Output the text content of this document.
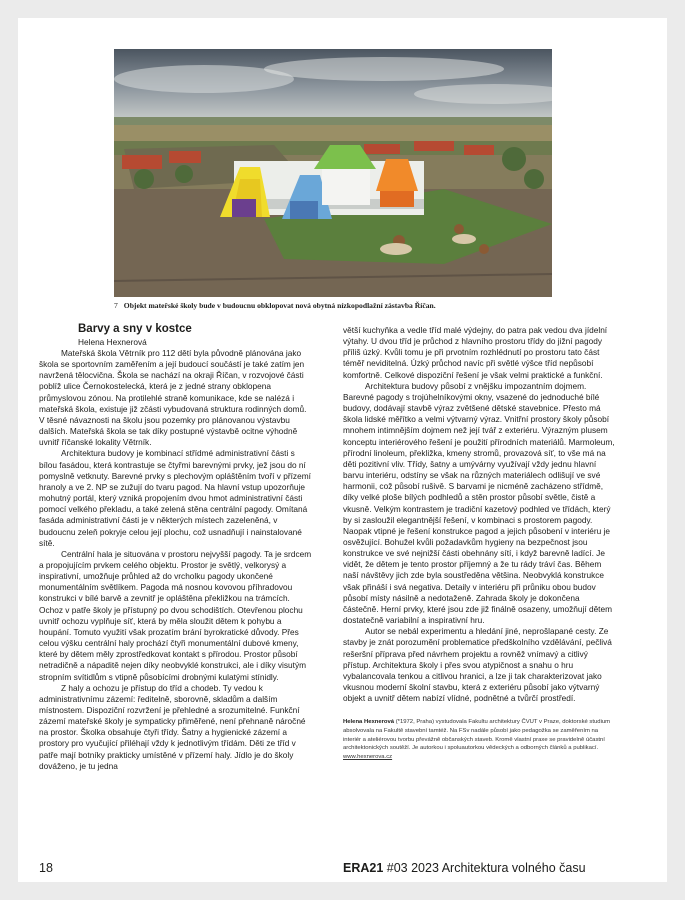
7 Objekt mateřské školy bude v budoucnu obklopovat nová obytná nízkopodlažní zástavba Říčan.
Barvy a sny v kostce
Helena Hexnerová

Mateřská škola Větrník pro 112 dětí byla původně plánována jako škola se sportovním zaměřením a její budoucí součástí je také zatím jen navržená tělocvična. Škola se nachází na okraji Říčan, v rozvojové části poblíž ulice Černokostelecká, která je z jedné strany obklopena průmyslovou zónou. Na protilehlé straně komunikace, kde se nalézá i mateřská škola, existuje již zčásti vybudovaná struktura rodinných domů. V těsné návaznosti na školu jsou pozemky pro plánovanou výstavbu dalších. Mateřská škola se tak díky postupné výstavbě ocitne výhodně uvnitř říčanské lokality Větrník.

Architektura budovy je kombinací střídmé administrativní části s bílou fasádou, která kontrastuje se čtyřmi barevnými prvky, jež jsou do ní pomyslně vetknuty. Barevné prvky s plechovým opláštěním tvoří v přízemí hranoly a ve 2. NP se zužují do tvaru pagod. Na hlavní vstup upozorňuje mohutný portál, který vzniká propojením dvou hmot administrativní části pomocí velkého překladu, a také zelená stěna centrální pagody. Omítaná fasáda administrativní části je v některých místech zazeleněná, v budoucnu zeleň pokryje celou její plochu, což usnadňují i nainstalované sítě.

Centrální hala je situována v prostoru nejvyšší pagody. Ta je srdcem a propojujícím prvkem celého objektu. Prostor je světlý, velkorysý a inspirativní, umožňuje průhled až do vrcholku pagody ukončené monumentálním světlíkem. Pagoda má nosnou kovovou příhradovou konstrukci v bílé barvě a zevnitř je opláštěna překližkou na trámcích. Ochoz v patře školy je přístupný po dvou schodištích. Otevřenou plochu uvnitř ochozu vyplňuje síť, která by měla sloužit dětem k pohybu a houpání. Tomuto využití však prozatím brání byrokratické důvody. Přes celou výšku centrální haly prochází čtyři monumentální dubové kmeny, které by dětem měly zprostředkovat kontakt s přírodou. Prostor působí netradičně a nápaditě nejen díky neobvyklé konstrukci, ale i díky visutým stropním svítidlům s vtipně působícími drobnými kulatými stínidly.

Z haly a ochozu je přístup do tříd a chodeb. Ty vedou k administrativnímu zázemí: ředitelně, sborovně, skladům a dalším místnostem. Dispoziční rozvržení je přehledné a srozumitelné. Funkční zázemí mateřské školy je sympaticky přiměřené, není přehnaně náročné na prostor. Školka obsahuje čtyři třídy. Šatny a hygienické zázemí a prostory pro vyučující přiléhají vždy k jednotlivým třídám. Děti ze tříd v patře mají botníky prakticky umístěné v přízemí haly. Jídlo je do školy dováženo, je tu jedna

větší kuchyňka a vedle tříd malé výdejny, do patra pak vedou dva jídelní výtahy. U dvou tříd je průchod z hlavního prostoru třídy do jižní pagody příliš úzký. Kvůli tomu je při prvotním rozhlédnutí po prostoru tato část téměř neviditelná. Úzký průchod navíc při světlé výšce tříd nepůsobí komfortně. Celkové dispoziční řešení je však velmi praktické a funkční.

Architektura budovy působí z vnějšku impozantním dojmem. Barevné pagody s trojúhelníkovými okny, vsazené do jednoduché bílé budovy, dodávají stavbě výraz zvětšené dětské stavebnice. Přesto má škola lidské měřítko a velmi výtvarný výraz. Vnitřní prostory školy působí mnohem intimnějším dojmem než její tvář z exteriéru. Výrazným plusem konceptu interiérového řešení je použití přírodních materiálů. Marmoleum, přírodní linoleum, překližka, kmeny stromů, provazová síť, to vše má na děti pozitivní vliv. Třídy, šatny a umývárny využívají vždy jednu hlavní barvu interiéru, odstíny se však na různých materiálech odlišují ve své harmonii, což působí rušivě. S barvami je nicméně zacházeno střídmě, díky velké ploše bílých podhledů a stěn prostor působí světle, čistě a vkusně. Velkým kontrastem je tradiční kazetový podhled ve třídách, který by si zasloužil elegantnější řešení, v kombinaci s prostorem pagody. Naopak vtipné je řešení konstrukce pagod a jejich působení v interiéru je osvěžující. Bohužel kvůli požadavkům hygieny na bezpečnost jsou konstrukce ve své nejnižší části obehnány sítí, i když barevně ladící. Je vidět, že dětem je tento prostor příjemný a že tu rády tráví čas. Během naší návštěvy jich zde byla soustředěna většina. Neobvyklá konstrukce však přináší i svá negativa. Detaily v interiéru při průniku obou budov působí místy násilně a nedotaženě. Zahrada školy je dokončena částečně. Herní prvky, které jsou zde již finálně osazeny, umožňují dětem dostatečně variabilní a inspirativní hru.

Autor se nebál experimentu a hledání jiné, neprošlapané cesty. Ze stavby je znát porozumění problematice předškolního vzdělávání, pečlivá rešeršní příprava před návrhem projektu a rovněž vnímavý a citlivý přístup. Architektura školy i přes svou atypičnost a snahu o hru vybalancovala tenkou a citlivou hranici, a lze ji tak charakterizovat jako vkusnou moderní školní stavbu, která z exteriéru působí jako výtvarný objekt a uvnitř dětem nabízí vlídné, podnětné a tvůrčí prostředí.

Helena Hexnerová (*1972, Praha) vystudovala Fakultu architektury ČVUT v Praze, doktorské studium absolvovala na Fakultě stavební tamtéž. Na FSv nadále působí jako pedagožka se zaměřením na interiér a ateliérovou tvorbu převážně občanských staveb. Kromě vlastní praxe se pravidelně účastní architektonických soutěží. Je autorkou i spoluautorkou vědeckých a odborných článků a publikací. www.hexnerova.cz
18	ERA21 #03 2023 Architektura volného času
